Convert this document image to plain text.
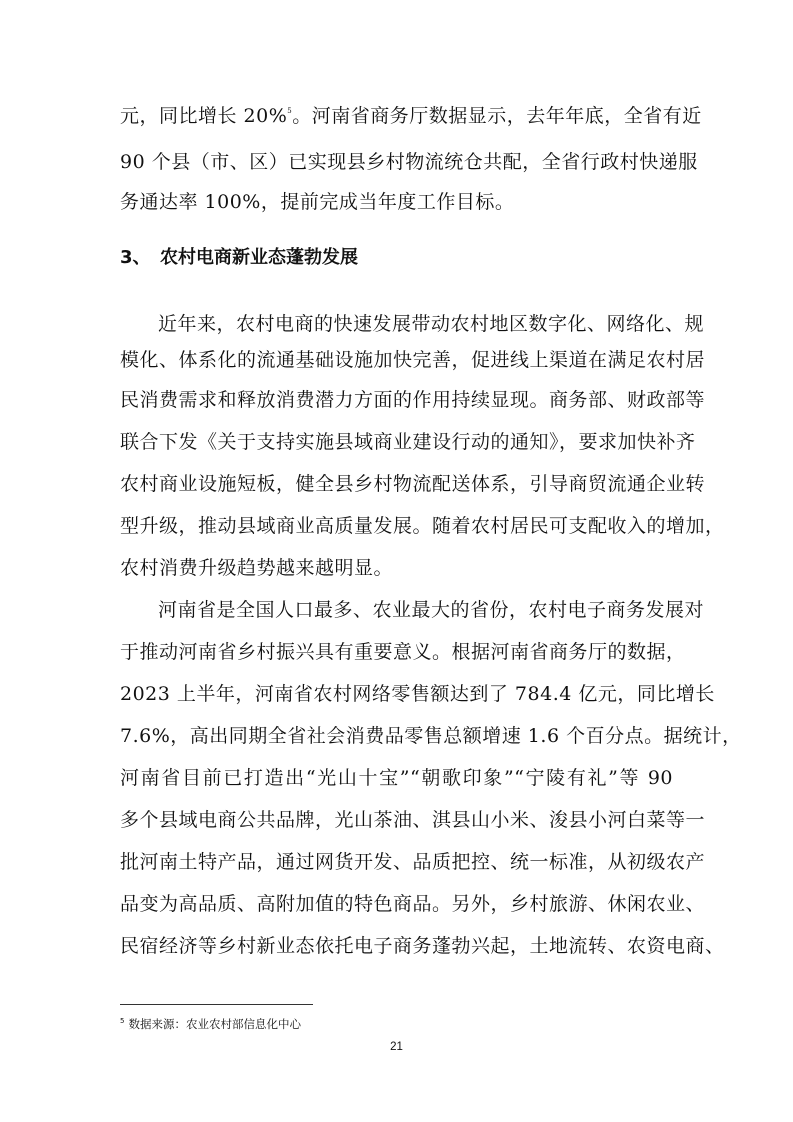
元，同比增长 20%$^5$。河南省商务厅数据显示，去年年底，全省有近
90 个县（市、区）已实现县乡村物流统仓共配，全省行政村快递服
务通达率 100%，提前完成当年度工作目标。
3、 农村电商新业态蓬勃发展
近年来，农村电商的快速发展带动农村地区数字化、网络化、规
模化、体系化的流通基础设施加快完善，促进线上渠道在满足农村居
民消费需求和释放消费潜力方面的作用持续显现。商务部、财政部等
联合下发《关于支持实施县域商业建设行动的通知》，要求加快补齐
农村商业设施短板，健全县乡村物流配送体系，引导商贸流通企业转
型升级，推动县域商业高质量发展。随着农村居民可支配收入的增加，
农村消费升级趋势越来越明显。
河南省是全国人口最多、农业最大的省份，农村电子商务发展对
于推动河南省乡村振兴具有重要意义。根据河南省商务厅的数据，
2023 上半年，河南省农村网络零售额达到了 784.4 亿元，同比增长
7.6%，高出同期全省社会消费品零售总额增速 1.6 个百分点。据统计，
河南省目前已打造出“光山十宝”“朝歌印象”“宁陵有礼”等 90
多个县域电商公共品牌，光山茶油、淇县山小米、浚县小河白菜等一
批河南土特产品，通过网货开发、品质把控、统一标准，从初级农产
品变为高品质、高附加值的特色商品。另外，乡村旅游、休闲农业、
民宿经济等乡村新业态依托电子商务蓬勃兴起，土地流转、农资电商、
$^5$ 数据来源：农业农村部信息化中心
21
